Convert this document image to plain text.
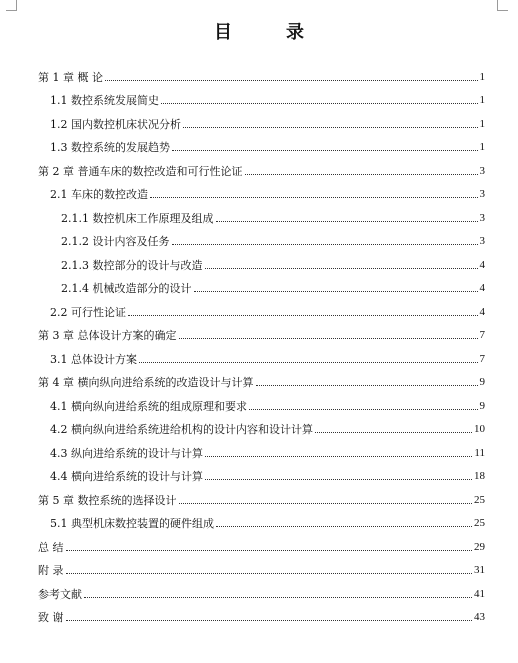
目　录
第 1 章 概 论	1
1.1 数控系统发展简史	1
1.2 国内数控机床状况分析	1
1.3 数控系统的发展趋势	1
第 2 章 普通车床的数控改造和可行性论证	3
2.1 车床的数控改造	3
2.1.1 数控机床工作原理及组成	3
2.1.2 设计内容及任务	3
2.1.3 数控部分的设计与改造	4
2.1.4 机械改造部分的设计	4
2.2 可行性论证	4
第 3 章 总体设计方案的确定	7
3.1 总体设计方案	7
第 4 章 横向纵向进给系统的改造设计与计算	9
4.1 横向纵向进给系统的组成原理和要求	9
4.2 横向纵向进给系统进给机构的设计内容和设计计算	10
4.3 纵向进给系统的设计与计算	11
4.4 横向进给系统的设计与计算	18
第 5 章 数控系统的选择设计	25
5.1 典型机床数控装置的硬件组成	25
总 结	29
附 录	31
参考文献	41
致 谢	43
